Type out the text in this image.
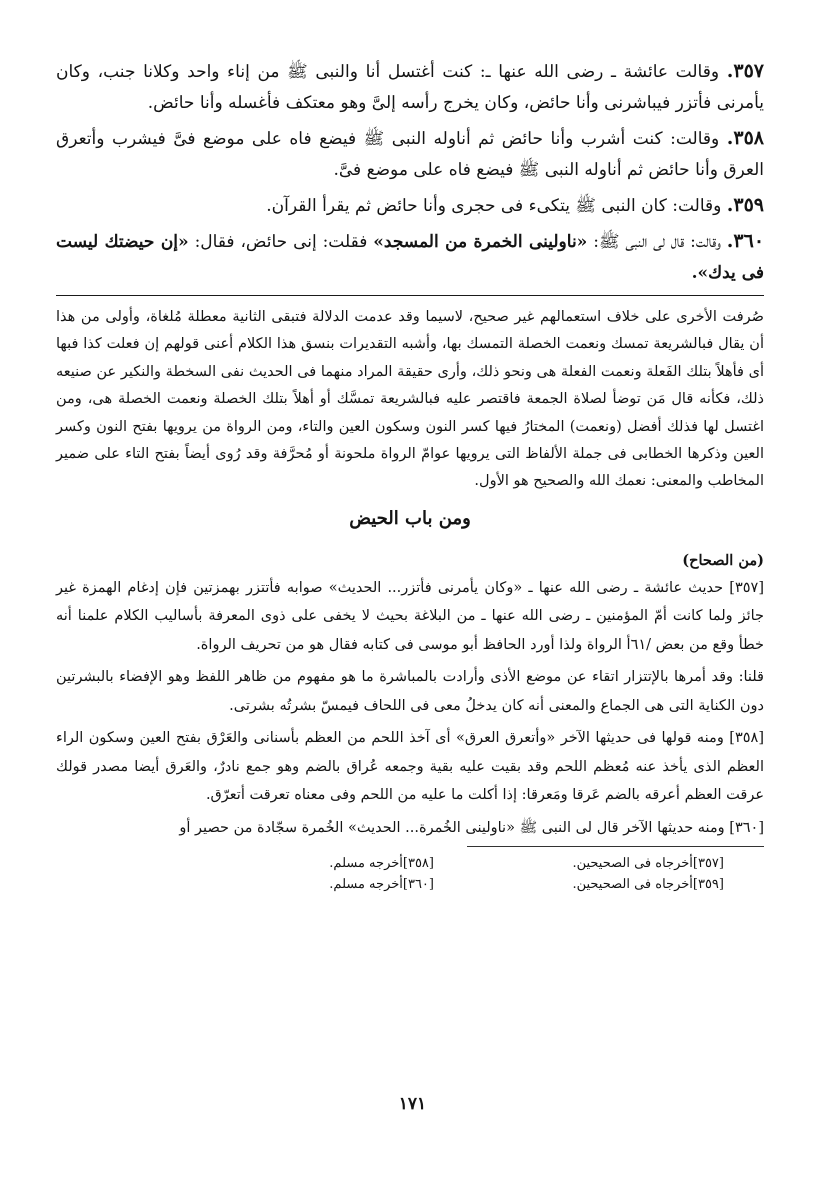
٣٥٧. وقالت عائشة ـ رضى الله عنها ـ: كنت أغتسل أنا والنبى ﷺ من إناء واحد وكلانا جنب، وكان يأمرنى فأتزر فيباشرنى وأنا حائض، وكان يخرج رأسه إلىَّ وهو معتكف فأغسله وأنا حائض.

٣٥٨. وقالت: كنت أشرب وأنا حائض ثم أناوله النبى ﷺ فيضع فاه على موضع فىَّ فيشرب وأتعرق العرق وأنا حائض ثم أناوله النبى ﷺ فيضع فاه على موضع فىَّ.

٣٥٩. وقالت: كان النبى ﷺ يتكىء فى حجرى وأنا حائض ثم يقرأ القرآن.

٣٦٠. وقالت: قال لى النبى ﷺ: «ناولينى الخمرة من المسجد» فقلت: إنى حائض، فقال: «إن حيضتك ليست فى يدك».

صُرفت الأخرى على خلاف استعمالهم غير صحيح، لاسيما وقد عدمت الدلالة فتبقى الثانية معطلة مُلغاة، وأولى من هذا أن يقال فبالشريعة تمسك ونعمت الخصلة التمسك بها، وأشبه التقديرات بنسق هذا الكلام أعنى قولهم إن فعلت كذا فبها أى فأهلاً بتلك الفَعلة ونعمت الفعلة هى ونحو ذلك، وأرى حقيقة المراد منهما فى الحديث نفى السخطة والنكير عن صنيعه ذلك، فكأنه قال مَن توضأ لصلاة الجمعة فاقتصر عليه فبالشريعة تمسَّك أو أهلاً بتلك الخصلة ونعمت الخصلة هى، ومن اغتسل لها فذلك أفضل (ونعمت) المختارُ فيها كسر النون وسكون العين والتاء، ومن الرواة من يرويها بفتح النون وكسر العين وذكرها الخطابى فى جملة الألفاظ التى يرويها عوامّ الرواة ملحونة أو مُحرَّفة وقد رُوى أيضاً بفتح التاء على ضمير المخاطب والمعنى: نعمك الله والصحيح هو الأول.

ومن باب الحيض

(من الصحاح)

[٣٥٧] حديث عائشة ـ رضى الله عنها ـ «وكان يأمرنى فأتزر... الحديث» صوابه فأتتزر بهمزتين فإن إدغام الهمزة غير جائز ولما كانت أمّ المؤمنين ـ رضى الله عنها ـ من البلاغة بحيث لا يخفى على ذوى المعرفة بأساليب الكلام علمنا أنه خطأ وقع من بعض /٦١أ الرواة ولذا أورد الحافظ أبو موسى فى كتابه فقال هو من تحريف الرواة.

قلنا: وقد أمرها بالإتتزار اتقاء عن موضع الأذى وأرادت بالمباشرة ما هو مفهوم من ظاهر اللفظ وهو الإفضاء بالبشرتين دون الكناية التى هى الجماع والمعنى أنه كان يدخلُ معى فى اللحاف فيمسّ بشرتُه بشرتى.

[٣٥٨] ومنه قولها فى حديثها الآخر «وأتعرق العرق» أى آخذ اللحم من العظم بأسنانى والعَرْق بفتح العين وسكون الراء العظم الذى يأخذ عنه مُعظم اللحم وقد بقيت عليه بقية وجمعه عُراق بالضم وهو جمع نادرٌ، والعَرق أيضا مصدر قولك عرقت العظم أعرقه بالضم عَرقا ومَعرقا: إذا أكلت ما عليه من اللحم وفى معناه تعرقت أتعرّق.

[٣٦٠] ومنه حديثها الآخر قال لى النبى ﷺ «ناولينى الخُمرة... الحديث» الخُمرة سجّادة من حصير أو

[٣٥٧]أخرجاه فى الصحيحين.
[٣٥٨]أخرجه مسلم.
[٣٥٩]أخرجاه فى الصحيحين.
[٣٦٠]أخرجه مسلم.
١٧١
